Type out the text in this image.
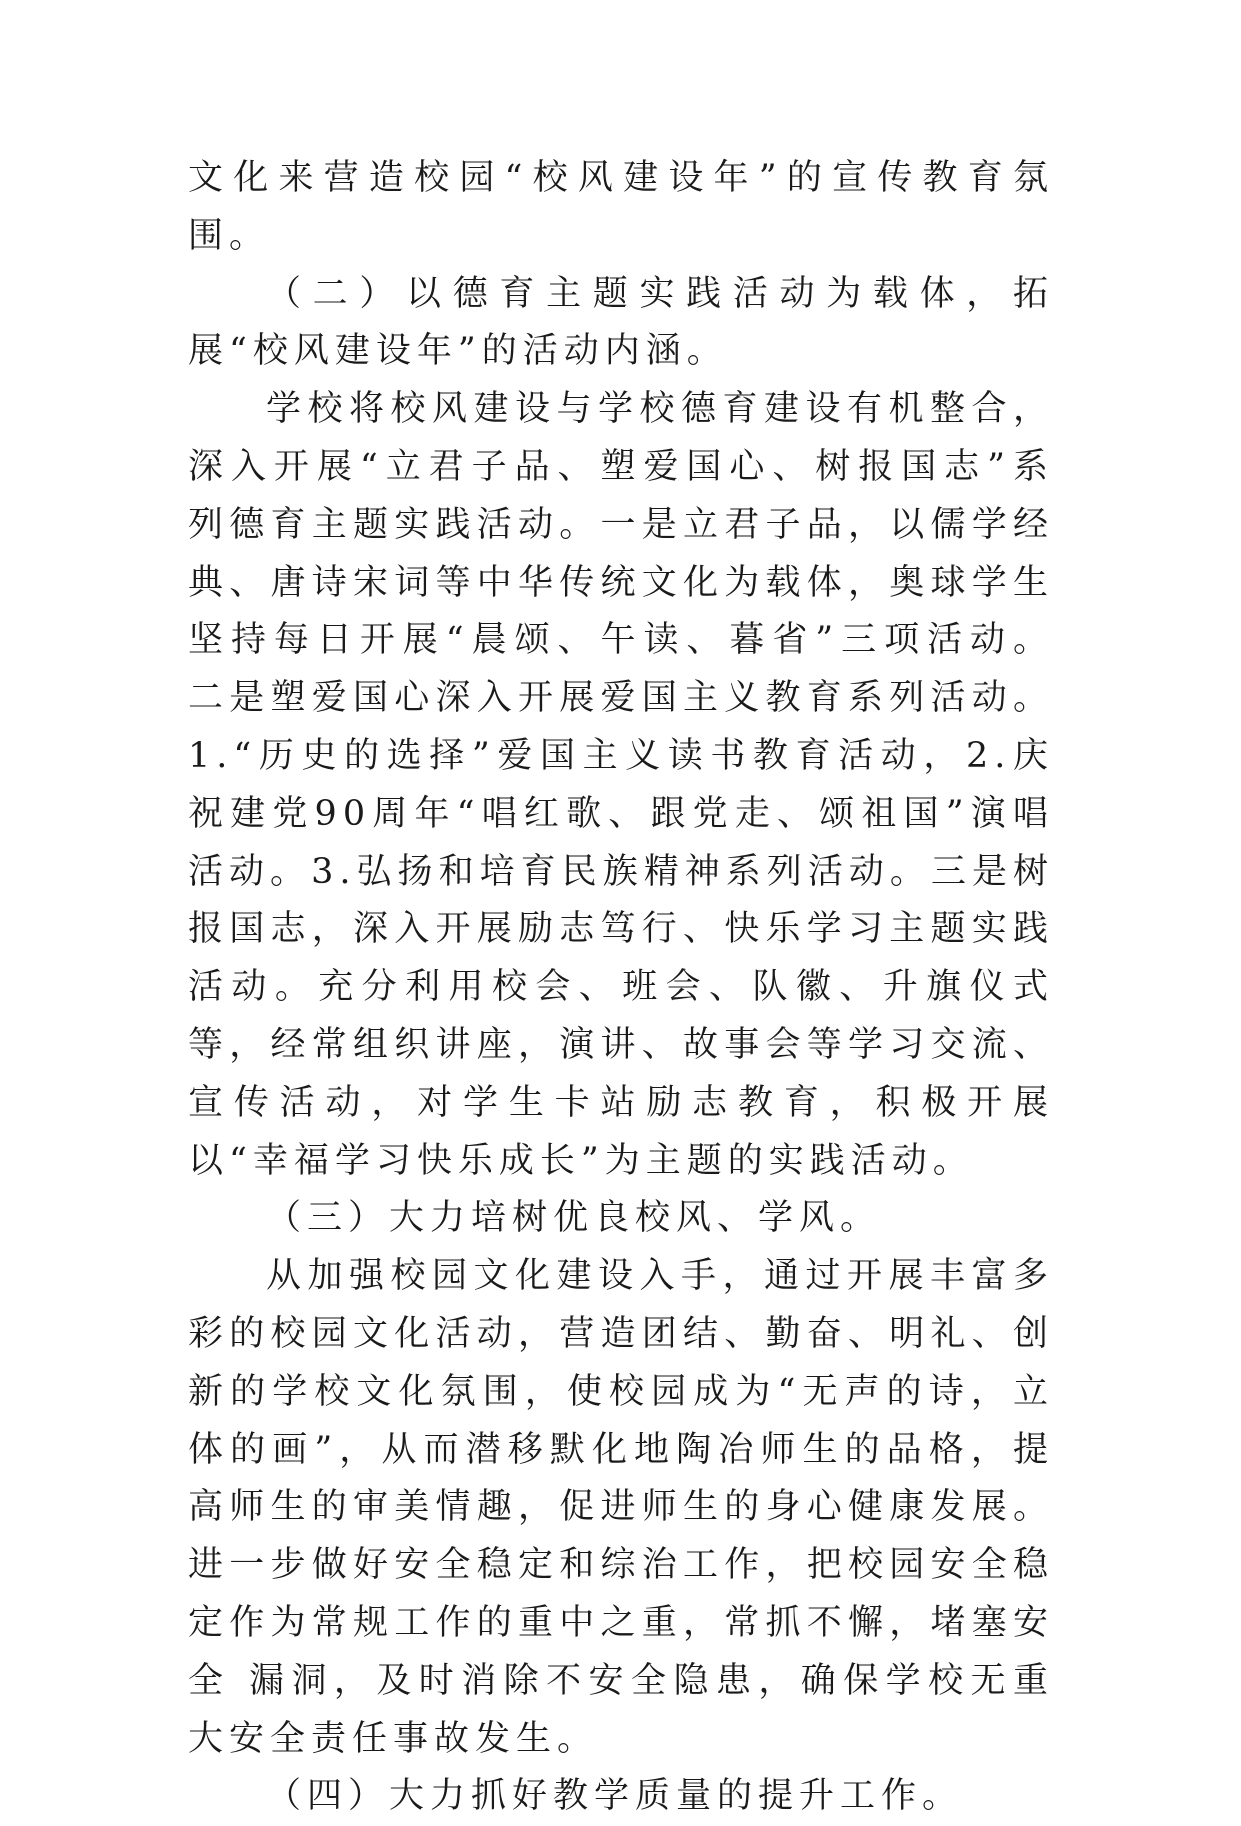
文化来营造校园“校风建设年”的宣传教育氛围。

（二）以德育主题实践活动为载体，拓展“校风建设年”的活动内涵。

学校将校风建设与学校德育建设有机整合，深入开展“立君子品、塑爱国心、树报国志”系列德育主题实践活动。一是立君子品，以儒学经典、唐诗宋词等中华传统文化为载体，奥球学生坚持每日开展“晨颂、午读、暮省”三项活动。二是塑爱国心深入开展爱国主义教育系列活动。1.“历史的选择”爱国主义读书教育活动，2.庆祝建党90周年“唱红歌、跟党走、颂祖国”演唱活动。3.弘扬和培育民族精神系列活动。三是树报国志，深入开展励志笃行、快乐学习主题实践活动。充分利用校会、班会、队徽、升旗仪式等，经常组织讲座，演讲、故事会等学习交流、宣传活动，对学生卡站励志教育，积极开展以“幸福学习快乐成长”为主题的实践活动。

（三）大力培树优良校风、学风。

从加强校园文化建设入手，通过开展丰富多彩的校园文化活动，营造团结、勤奋、明礼、创新的学校文化氛围，使校园成为“无声的诗，立体的画”，从而潜移默化地陶冶师生的品格，提高师生的审美情趣，促进师生的身心健康发展。进一步做好安全稳定和综治工作，把校园安全稳定作为常规工作的重中之重，常抓不懈，堵塞安全 漏洞，及时消除不安全隐患，确保学校无重大安全责任事故发生。

（四）大力抓好教学质量的提升工作。
